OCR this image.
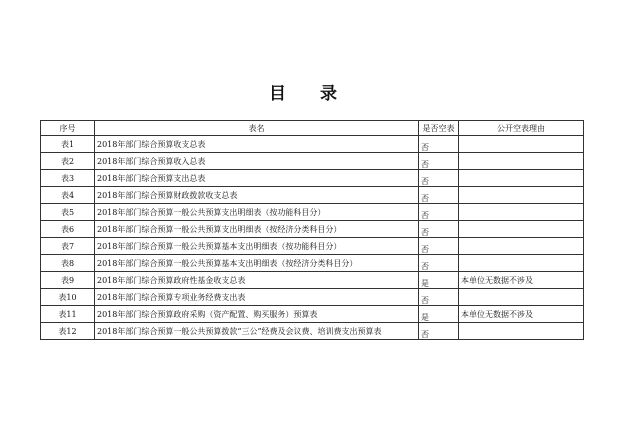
目 录
序号	表名	是否空表	公开空表理由
表1	2018年部门综合预算收支总表	否	
表2	2018年部门综合预算收入总表	否	
表3	2018年部门综合预算支出总表	否	
表4	2018年部门综合预算财政拨款收支总表	否	
表5	2018年部门综合预算一般公共预算支出明细表（按功能科目分）	否	
表6	2018年部门综合预算一般公共预算支出明细表（按经济分类科目分）	否	
表7	2018年部门综合预算一般公共预算基本支出明细表（按功能科目分）	否	
表8	2018年部门综合预算一般公共预算基本支出明细表（按经济分类科目分）	否	
表9	2018年部门综合预算政府性基金收支总表	是	本单位无数据不涉及
表10	2018年部门综合预算专项业务经费支出表	否	
表11	2018年部门综合预算政府采购（资产配置、购买服务）预算表	是	本单位无数据不涉及
表12	2018年部门综合预算一般公共预算拨款“三公”经费及会议费、培训费支出预算表	否	
